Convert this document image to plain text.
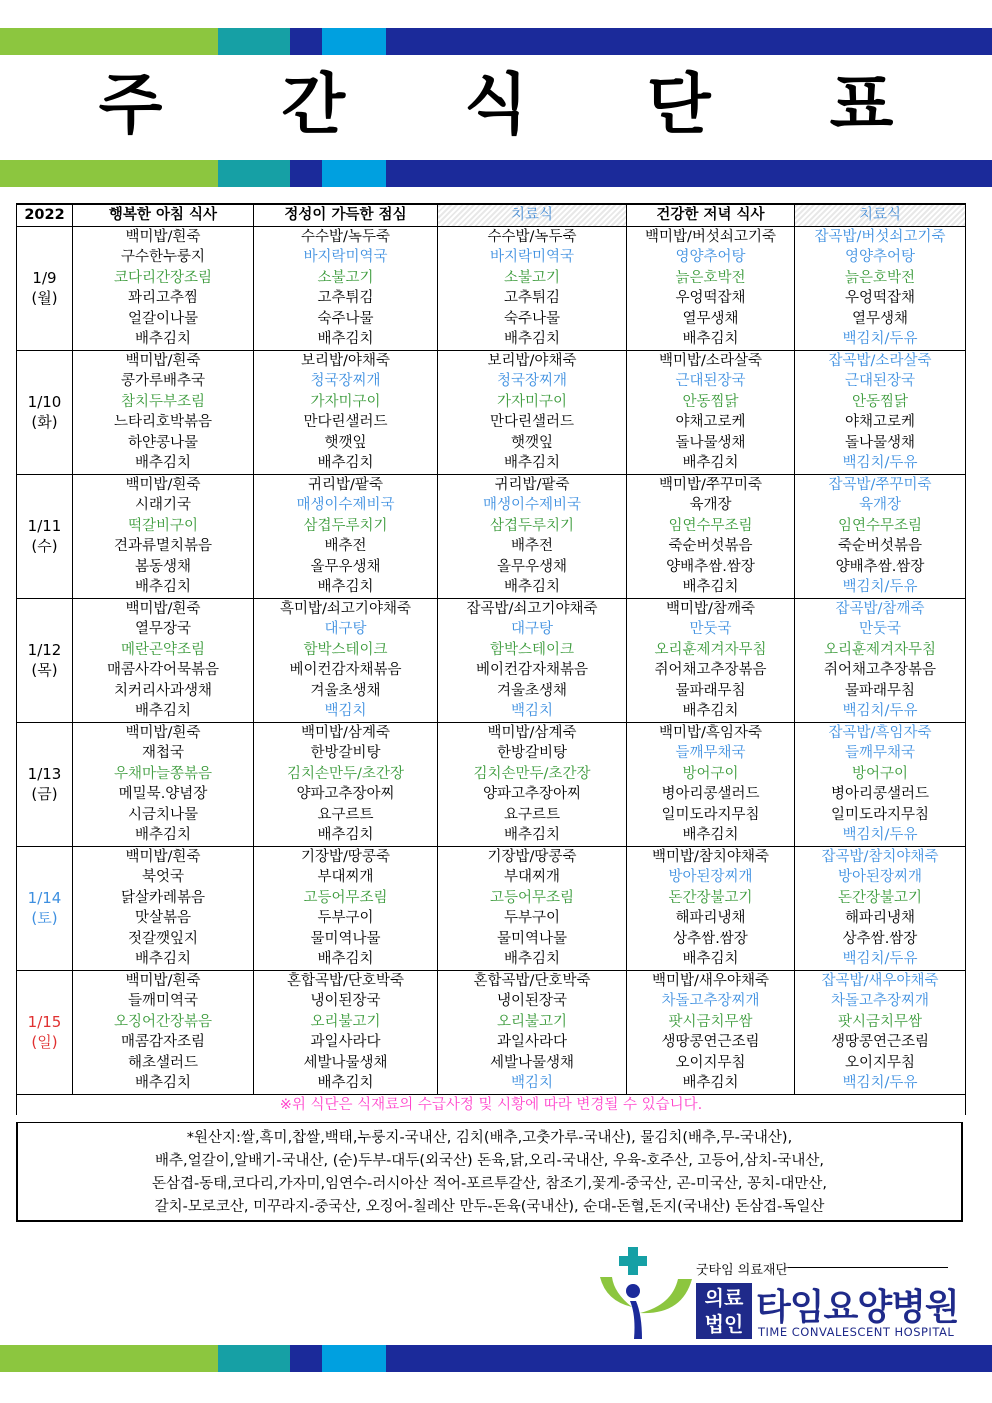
주 간 식 단 표
2022	행복한 아침 식사	정성이 가득한 점심	치료식	건강한 저녁 식사	치료식
	백미밥/흰죽	수수밥/녹두죽	수수밥/녹두죽	백미밥/버섯쇠고기죽	잡곡밥/버섯쇠고기죽
	구수한누룽지	바지락미역국	바지락미역국	영양추어탕	영양추어탕
1/9	코다리간장조림	소불고기	소불고기	늙은호박전	늙은호박전
(월)	꽈리고추찜	고추튀김	고추튀김	우엉떡잡채	우엉떡잡채
	얼갈이나물	숙주나물	숙주나물	열무생채	열무생채
	배추김치	배추김치	배추김치	배추김치	백김치/두유
	백미밥/흰죽	보리밥/야채죽	보리밥/야채죽	백미밥/소라살죽	잡곡밥/소라살죽
	콩가루배추국	청국장찌개	청국장찌개	근대된장국	근대된장국
1/10	참치두부조림	가자미구이	가자미구이	안동찜닭	안동찜닭
(화)	느타리호박볶음	만다린샐러드	만다린샐러드	야채고로케	야채고로케
	하얀콩나물	햇깻잎	햇깻잎	돌나물생채	돌나물생채
	배추김치	배추김치	배추김치	배추김치	백김치/두유
	백미밥/흰죽	귀리밥/팥죽	귀리밥/팥죽	백미밥/쭈꾸미죽	잡곡밥/쭈꾸미죽
	시래기국	매생이수제비국	매생이수제비국	육개장	육개장
1/11	떡갈비구이	삼겹두루치기	삼겹두루치기	임연수무조림	임연수무조림
(수)	견과류멸치볶음	배추전	배추전	죽순버섯볶음	죽순버섯볶음
	봄동생채	올무우생채	올무우생채	양배추쌈.쌈장	양배추쌈.쌈장
	배추김치	배추김치	배추김치	배추김치	백김치/두유
	백미밥/흰죽	흑미밥/쇠고기야채죽	잡곡밥/쇠고기야채죽	백미밥/참깨죽	잡곡밥/참깨죽
	열무장국	대구탕	대구탕	만둣국	만둣국
1/12	메란곤약조림	함박스테이크	함박스테이크	오리훈제겨자무침	오리훈제겨자무침
(목)	매콤사각어묵볶음	베이컨감자채볶음	베이컨감자채볶음	쥐어채고추장볶음	쥐어채고추장볶음
	치커리사과생채	겨울초생채	겨울초생채	물파래무침	물파래무침
	배추김치	백김치	백김치	배추김치	백김치/두유
	백미밥/흰죽	백미밥/삼계죽	백미밥/삼계죽	백미밥/흑임자죽	잡곡밥/흑임자죽
	재첩국	한방갈비탕	한방갈비탕	들깨무채국	들깨무채국
1/13	우채마늘쫑볶음	김치손만두/초간장	김치손만두/초간장	방어구이	방어구이
(금)	메밀묵.양념장	양파고추장아찌	양파고추장아찌	병아리콩샐러드	병아리콩샐러드
	시금치나물	요구르트	요구르트	일미도라지무침	일미도라지무침
	배추김치	배추김치	배추김치	배추김치	백김치/두유
	백미밥/흰죽	기장밥/땅콩죽	기장밥/땅콩죽	백미밥/참치야채죽	잡곡밥/참치야채죽
	북엇국	부대찌개	부대찌개	방아된장찌개	방아된장찌개
1/14	닭살카레볶음	고등어무조림	고등어무조림	돈간장불고기	돈간장불고기
(토)	맛살볶음	두부구이	두부구이	해파리냉채	해파리냉채
	젓갈깻잎지	물미역나물	물미역나물	상추쌈.쌈장	상추쌈.쌈장
	배추김치	배추김치	배추김치	배추김치	백김치/두유
	백미밥/흰죽	혼합곡밥/단호박죽	혼합곡밥/단호박죽	백미밥/새우야채죽	잡곡밥/새우야채죽
	들깨미역국	냉이된장국	냉이된장국	차돌고추장찌개	차돌고추장찌개
1/15	오징어간장볶음	오리불고기	오리불고기	팟시금치무쌈	팟시금치무쌈
(일)	매콤감자조림	과일사라다	과일사라다	생땅콩연근조림	생땅콩연근조림
	해초샐러드	세발나물생채	세발나물생채	오이지무침	오이지무침
	배추김치	배추김치	백김치	배추김치	백김치/두유
※위 식단은 식재료의 수급사정 및 시황에 따라 변경될 수 있습니다.					
*원산지:쌀,흑미,찹쌀,백태,누룽지-국내산, 김치(배추,고춧가루-국내산), 물김치(배추,무-국내산),
배추,얼갈이,알배기-국내산, (순)두부-대두(외국산) 돈육,닭,오리-국내산, 우육-호주산, 고등어,삼치-국내산,
돈삼겹-동태,코다리,가자미,임연수-러시아산 적어-포르투갈산, 참조기,꽃게-중국산, 곤-미국산, 꽁치-대만산,
갈치-모로코산, 미꾸라지-중국산, 오징어-칠레산 만두-돈육(국내산), 순대-돈혈,돈지(국내산) 돈삼겹-독일산
굿타임 의료재단
의료
법인 타임요양병원
TIME CONVALESCENT HOSPITAL
